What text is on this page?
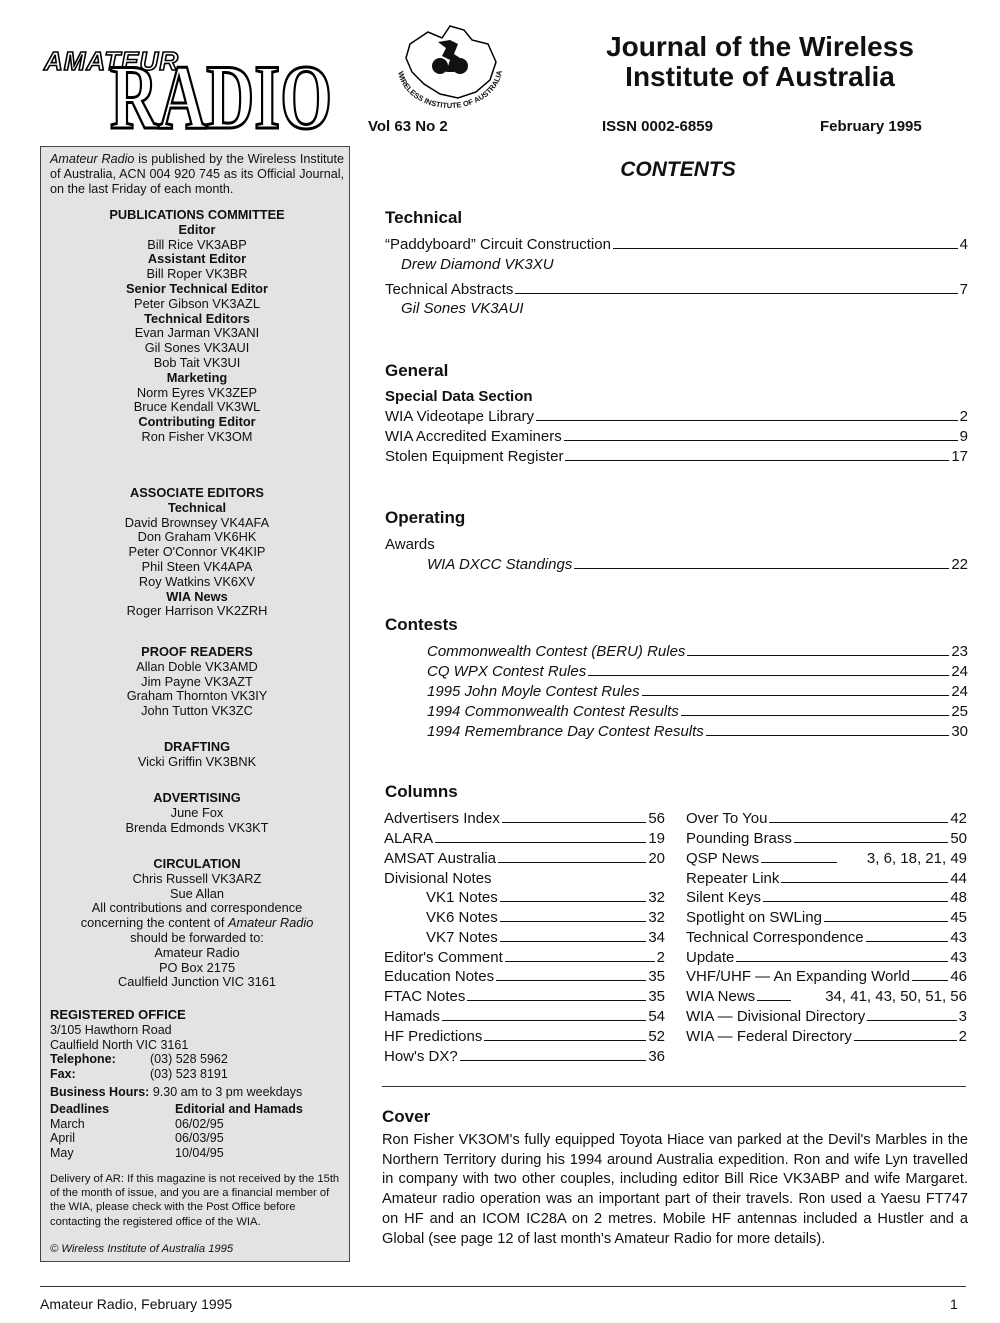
AMATEUR
RADIO	WIRELESS INSTITUTE OF AUSTRALIA
Journal of the Wireless
Institute of Australia
Vol 63 No 2	ISSN 0002-6859	February 1995
Amateur Radio is published by the Wireless Institute of Australia, ACN 004 920 745 as its Official Journal, on the last Friday of each month.
PUBLICATIONS COMMITTEE
Editor
Bill Rice VK3ABP
Assistant Editor
Bill Roper VK3BR
Senior Technical Editor
Peter Gibson VK3AZL
Technical Editors
Evan Jarman VK3ANI
Gil Sones VK3AUI
Bob Tait VK3UI
Marketing
Norm Eyres VK3ZEP
Bruce Kendall VK3WL
Contributing Editor
Ron Fisher VK3OM
ASSOCIATE EDITORS
Technical
David Brownsey VK4AFA
Don Graham VK6HK
Peter O'Connor VK4KIP
Phil Steen VK4APA
Roy Watkins VK6XV
WIA News
Roger Harrison VK2ZRH
PROOF READERS
Allan Doble VK3AMD
Jim Payne VK3AZT
Graham Thornton VK3IY
John Tutton VK3ZC
DRAFTING
Vicki Griffin VK3BNK
ADVERTISING
June Fox
Brenda Edmonds VK3KT
CIRCULATION
Chris Russell VK3ARZ
Sue Allan
All contributions and correspondence
concerning the content of Amateur Radio
should be forwarded to:
Amateur Radio
PO Box 2175
Caulfield Junction VIC 3161
REGISTERED OFFICE
3/105 Hawthorn Road
Caulfield North VIC 3161
Telephone:	(03) 528 5962
Fax:	(03) 523 8191
Business Hours: 9.30 am to 3 pm weekdays
Deadlines	Editorial and Hamads
March	06/02/95
April	06/03/95
May	10/04/95
Delivery of AR: If this magazine is not received by the 15th of the month of issue, and you are a financial member of the WIA, please check with the Post Office before contacting the registered office of the WIA.
© Wireless Institute of Australia 1995
CONTENTS
Technical
“Paddyboard” Circuit Construction	4
Drew Diamond VK3XU
Technical Abstracts	7
Gil Sones VK3AUI
General
Special Data Section
WIA Videotape Library	2
WIA Accredited Examiners	9
Stolen Equipment Register	17
Operating
Awards
WIA DXCC Standings	22
Contests
Commonwealth Contest (BERU) Rules	23
CQ WPX Contest Rules	24
1995 John Moyle Contest Rules	24
1994 Commonwealth Contest Results	25
1994 Remembrance Day Contest Results	30
Columns
Advertisers Index	56
ALARA	19
AMSAT Australia	20
Divisional Notes
VK1 Notes	32
VK6 Notes	32
VK7 Notes	34
Editor's Comment	2
Education Notes	35
FTAC Notes	35
Hamads	54
HF Predictions	52
How's DX?	36
Over To You	42
Pounding Brass	50
QSP News	3, 6, 18, 21, 49
Repeater Link	44
Silent Keys	48
Spotlight on SWLing	45
Technical Correspondence	43
Update	43
VHF/UHF — An Expanding World	46
WIA News	34, 41, 43, 50, 51, 56
WIA — Divisional Directory	3
WIA — Federal Directory	2
Cover
Ron Fisher VK3OM's fully equipped Toyota Hiace van parked at the Devil's Marbles in the Northern Territory during his 1994 around Australia expedition. Ron and wife Lyn travelled in company with two other couples, including editor Bill Rice VK3ABP and wife Margaret. Amateur radio operation was an important part of their travels. Ron used a Yaesu FT747 on HF and an ICOM IC28A on 2 metres. Mobile HF antennas included a Hustler and a Global (see page 12 of last month's Amateur Radio for more details).
Amateur Radio, February 1995	1
